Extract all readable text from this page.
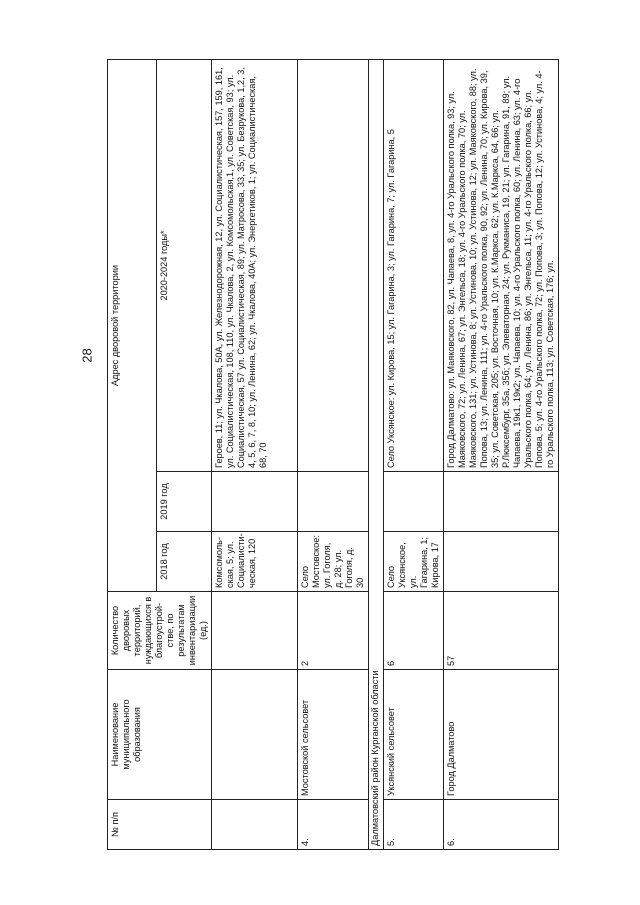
28
№ п/п	Наименование муниципального образования	Количество дворовых территорий, нуждающихся в благоустрой-стве, по результатам инвентаризации (ед.)	Адрес дворовой территории		
			2018 год	2019 год	2020-2024 годы*
			Комсомоль-ская, 5; ул. Социалисти-ческая, 120		Героев, 11; ул. Чкалова, 50А, ул. Железнодорожная, 12, ул. Социалистическая, 157, 159, 161, ул. Социалистическая, 108, 110, ул. Чкалова, 2, ул. Комсомольская,1, ул. Советская, 93; ул. Социалистическая, 57 ул. Социалистическая, 89; ул. Матросова, 33, 35; ул. Безрукова, 1,2, 3, 4, 5, 6, 7, 8, 10; ул. Ленина, 62; ул. Чкалова, 40А; ул. Энергетиков, 1; ул. Социалистическая, 68, 70
4.	Мостовской сельсовет	2	Село Мостовское: ул. Гоголя, д. 28; ул. Гоголя, д. 30		
Далматовский район Курганской области					
5.	Уксянский сельсовет	6	Село Уксянское, ул. Гагарина, 1; Кирова, 17		Село Уксянское: ул. Кирова, 15; ул. Гагарина, 3; ул. Гагарина, 7; ул. Гагарина, 5
6.	Город Далматово	57			Город Далматово: ул. Маяковского, 82, ул. Чапаева, 8, ул. 4-го Уральского полка, 93; ул. Маяковского, 72; ул. Ленина, 67; ул. Энгельса, 18; ул. 4-го Уральского полка, 70; ул. Маяковского, 131; ул. Устинова, 8; ул. Устинова, 10; ул. Устинова, 12; ул. Маяковского, 88; ул. Попова, 13; ул. Ленина, 111; ул. 4-го Уральского полка, 90, 92; ул. Ленина, 70; ул. Кирова, 39, 35; ул. Советская, 205; ул. Восточная, 10; ул. К.Маркса, 62; ул. К.Маркса, 64, 66; ул. Р.Люксембург, 35а, 35б; ул. Элеваторная, 24; ул. Рукманиса, 19, 21; ул. Гагарина, 91, 89; ул. Чапаева, 19к1, 19к2; ул. Чапаева, 10; ул. 4-го Уральского полка, 60; ул. Ленина, 63; ул. 4-го Уральского полка, 64; ул. Ленина, 86; ул. Энгельса, 11; ул. 4-го Уральского полка, 66; ул. Попова, 5; ул. 4-го Уральского полка, 72; ул. Попова, 3; ул. Попова, 12; ул. Устинова, 4; ул. 4-го Уральского полка, 113; ул. Советская, 176; ул.
